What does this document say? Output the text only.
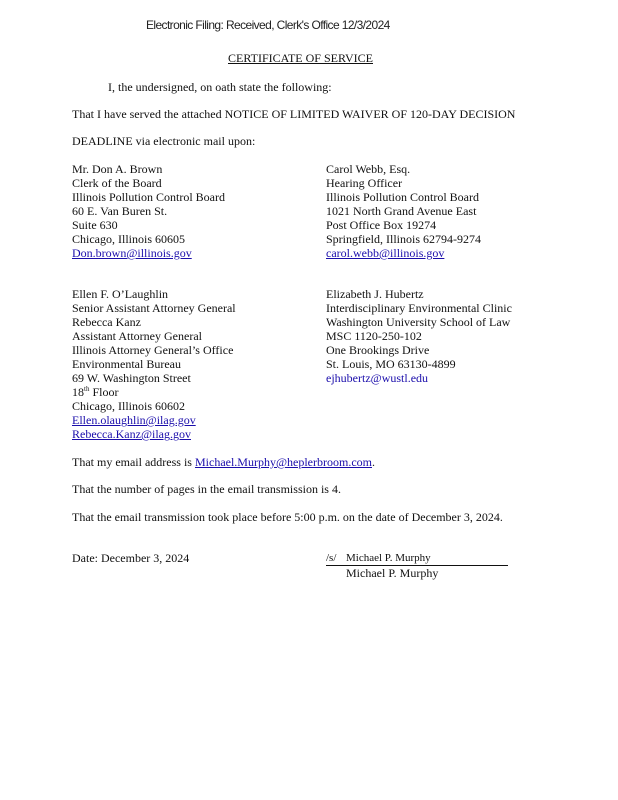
Electronic Filing: Received, Clerk's Office 12/3/2024
CERTIFICATE OF SERVICE
I, the undersigned, on oath state the following:
That I have served the attached NOTICE OF LIMITED WAIVER OF 120-DAY DECISION
DEADLINE via electronic mail upon:
Mr. Don A. Brown
Clerk of the Board
Illinois Pollution Control Board
60 E. Van Buren St.
Suite 630
Chicago, Illinois 60605
Don.brown@illinois.gov
Carol Webb, Esq.
Hearing Officer
Illinois Pollution Control Board
1021 North Grand Avenue East
Post Office Box 19274
Springfield, Illinois 62794-9274
carol.webb@illinois.gov
Ellen F. O’Laughlin
Senior Assistant Attorney General
Rebecca Kanz
Assistant Attorney General
Illinois Attorney General’s Office
Environmental Bureau
69 W. Washington Street
18th Floor
Chicago, Illinois 60602
Ellen.olaughlin@ilag.gov
Rebecca.Kanz@ilag.gov
Elizabeth J. Hubertz
Interdisciplinary Environmental Clinic
Washington University School of Law
MSC 1120-250-102
One Brookings Drive
St. Louis, MO 63130-4899
ejhubertz@wustl.edu
That my email address is Michael.Murphy@heplerbroom.com.
That the number of pages in the email transmission is 4.
That the email transmission took place before 5:00 p.m. on the date of December 3, 2024.
Date: December 3, 2024	/s/ Michael P. Murphy
Michael P. Murphy
